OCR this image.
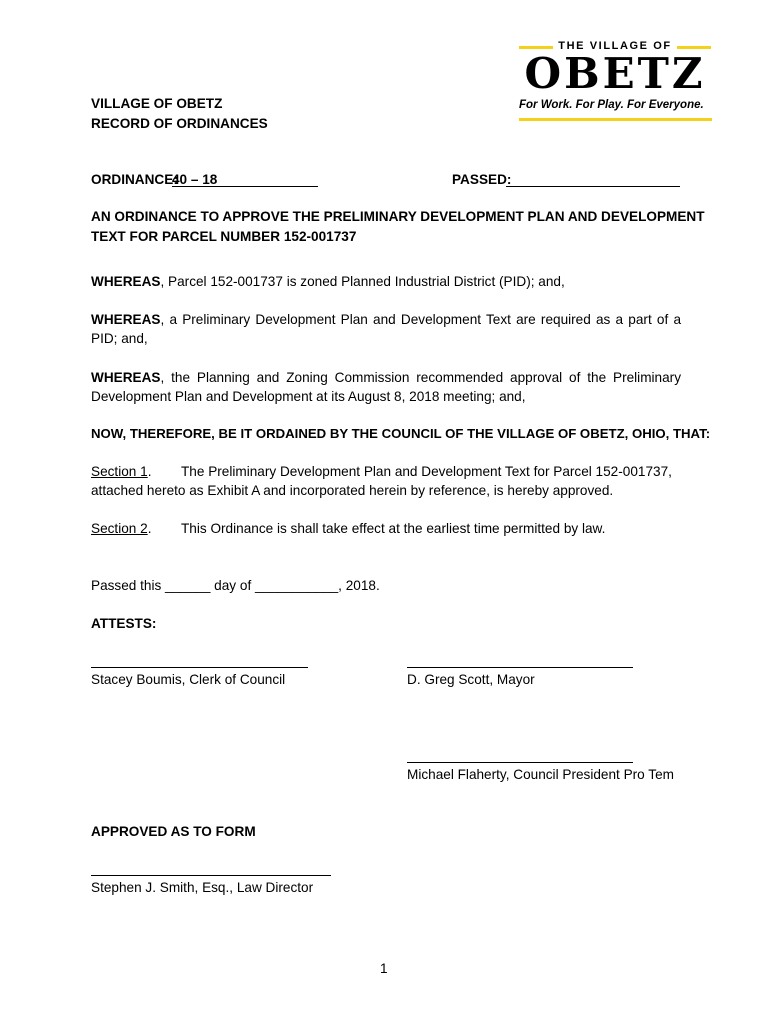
THE VILLAGE OF
OBETZ
For Work. For Play. For Everyone.
VILLAGE OF OBETZ
RECORD OF ORDINANCES
ORDINANCE:
40 – 18	PASSED:
AN ORDINANCE TO APPROVE THE PRELIMINARY DEVELOPMENT PLAN AND DEVELOPMENT
TEXT FOR PARCEL NUMBER 152-001737
WHEREAS, Parcel 152-001737 is zoned Planned Industrial District (PID); and,
WHEREAS, a Preliminary Development Plan and Development Text are required as a part of a PID; and,
WHEREAS, the Planning and Zoning Commission recommended approval of the Preliminary Development Plan and Development at its August 8, 2018 meeting; and,
NOW, THEREFORE, BE IT ORDAINED BY THE COUNCIL OF THE VILLAGE OF OBETZ, OHIO, THAT:
Section 1. The Preliminary Development Plan and Development Text for Parcel 152-001737,
attached hereto as Exhibit A and incorporated herein by reference, is hereby approved.
Section 2. This Ordinance is shall take effect at the earliest time permitted by law.
Passed this ______ day of ___________, 2018.
ATTESTS:
Stacey Boumis, Clerk of Council	D. Greg Scott, Mayor
Michael Flaherty, Council President Pro Tem
APPROVED AS TO FORM
Stephen J. Smith, Esq., Law Director
1
